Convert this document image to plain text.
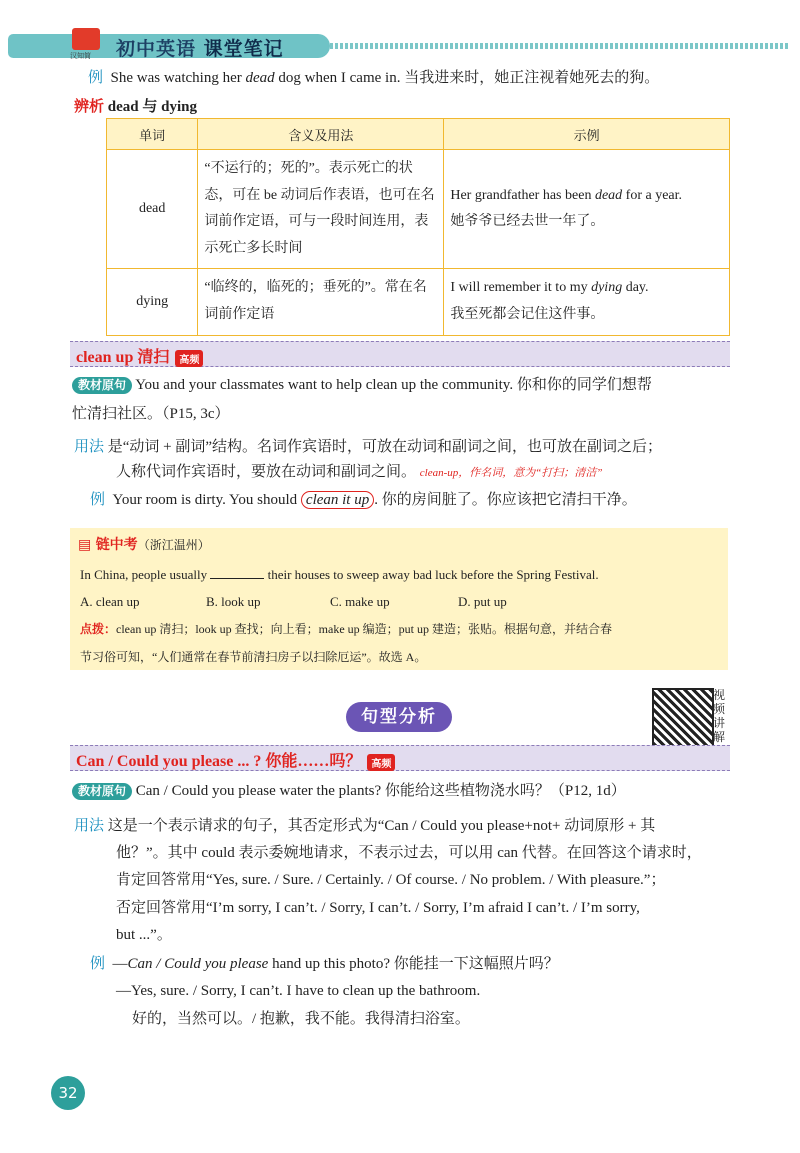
汉知简 初中英语 课堂笔记
例 She was watching her dead dog when I came in. 当我进来时，她正注视着她死去的狗。
辨析 dead 与 dying
单词	含义及用法	示例
dead	“不运行的；死的”。表示死亡的状态，可在 be 动词后作表语，也可在名词前作定语，可与一段时间连用，表示死亡多长时间	Her grandfather has been dead for a year.
她爷爷已经去世一年了。
dying	“临终的，临死的；垂死的”。常在名词前作定语	I will remember it to my dying day.
我至死都会记住这件事。
clean up 清扫 高频
教材原句 You and your classmates want to help clean up the community. 你和你的同学们想帮
忙清扫社区。（P15, 3c）
用法 是“动词 + 副词”结构。名词作宾语时，可放在动词和副词之间，也可放在副词之后；
人称代词作宾语时，要放在动词和副词之间。 clean-up，作名词，意为“打扫；清洁”
例 Your room is dirty. You should clean it up . 你的房间脏了。你应该把它清扫干净。
▤ 链中考（浙江温州）
In China, people usually	their houses to sweep away bad luck before the Spring Festival.
A. clean up	B. look up	C. make up	D. put up
点拨：clean up 清扫；look up 查找；向上看；make up 编造；put up 建造；张贴。根据句意，并结合春
节习俗可知，“人们通常在春节前清扫房子以扫除厄运”。故选 A。
句型分析
视频讲解
Can / Could you please ... ? 你能……吗？ 高频
教材原句 Can / Could you please water the plants? 你能给这些植物浇水吗？（P12, 1d）
用法 这是一个表示请求的句子，其否定形式为“Can / Could you please+not+ 动词原形 + 其
他？”。其中 could 表示委婉地请求，不表示过去，可以用 can 代替。在回答这个请求时，
肯定回答常用“Yes, sure. / Sure. / Certainly. / Of course. / No problem. / With pleasure.”；
否定回答常用“I’m sorry, I can’t. / Sorry, I can’t. / Sorry, I’m afraid I can’t. / I’m sorry,
but ...”。
例 —Can / Could you please hand up this photo? 你能挂一下这幅照片吗？
—Yes, sure. / Sorry, I can’t. I have to clean up the bathroom.
好的，当然可以。/ 抱歉，我不能。我得清扫浴室。
32
